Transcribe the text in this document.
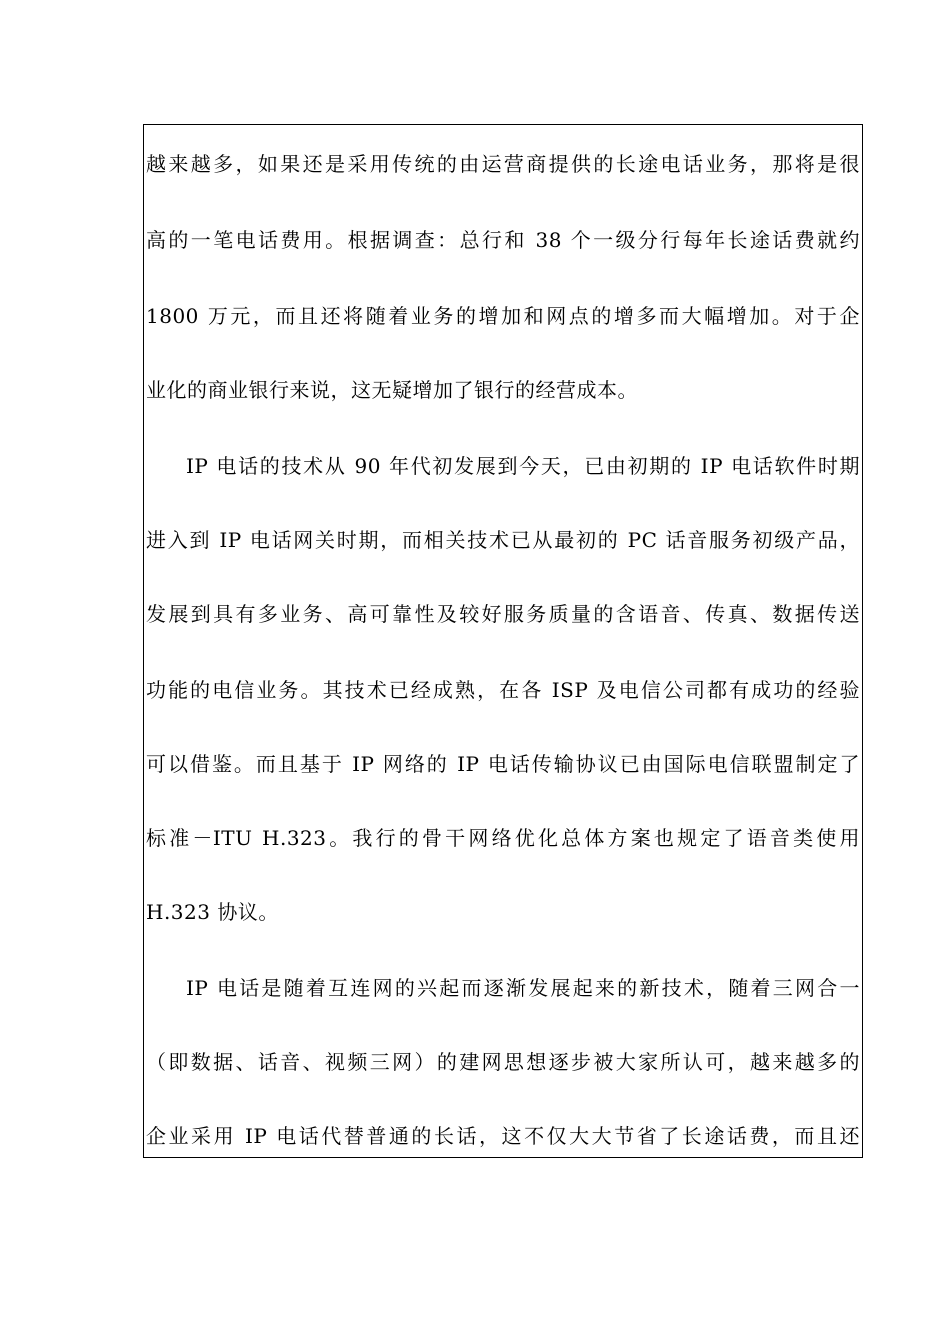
越来越多，如果还是采用传统的由运营商提供的长途电话业务，那将是很
高的一笔电话费用。根据调查：总行和 38 个一级分行每年长途话费就约
1800 万元，而且还将随着业务的增加和网点的增多而大幅增加。对于企
业化的商业银行来说，这无疑增加了银行的经营成本。
IP 电话的技术从 90 年代初发展到今天，已由初期的 IP 电话软件时期
进入到 IP 电话网关时期，而相关技术已从最初的 PC 话音服务初级产品，
发展到具有多业务、高可靠性及较好服务质量的含语音、传真、数据传送
功能的电信业务。其技术已经成熟，在各 ISP 及电信公司都有成功的经验
可以借鉴。而且基于 IP 网络的 IP 电话传输协议已由国际电信联盟制定了
标准－ITU H.323。我行的骨干网络优化总体方案也规定了语音类使用
H.323 协议。
IP 电话是随着互连网的兴起而逐渐发展起来的新技术，随着三网合一
（即数据、话音、视频三网）的建网思想逐步被大家所认可，越来越多的
企业采用 IP 电话代替普通的长话，这不仅大大节省了长途话费，而且还
